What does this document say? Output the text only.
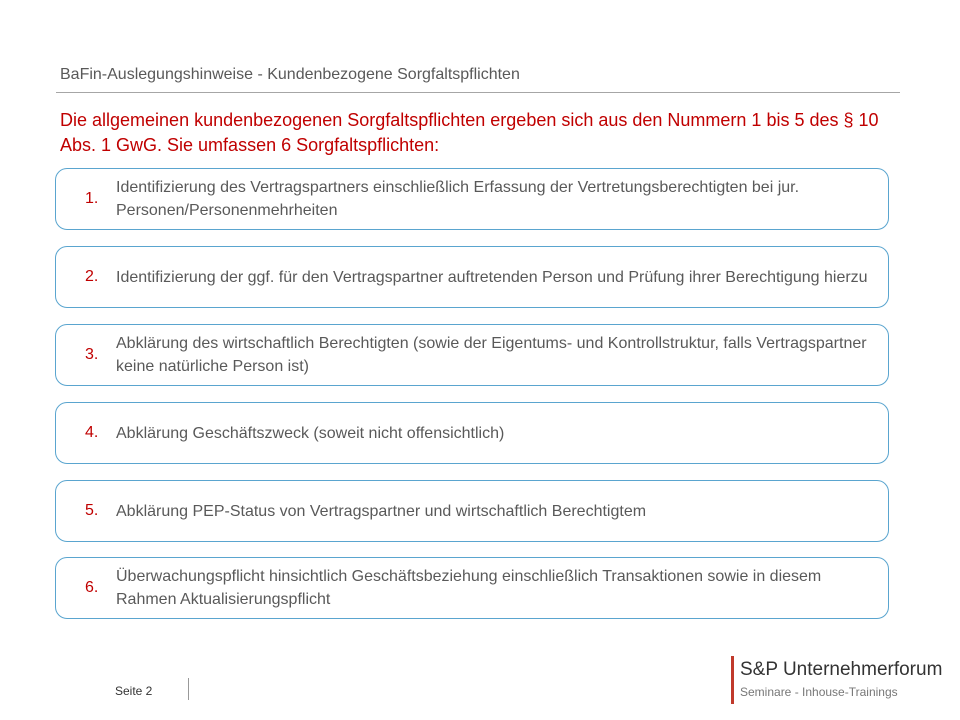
BaFin-Auslegungshinweise - Kundenbezogene Sorgfaltspflichten
Die allgemeinen kundenbezogenen Sorgfaltspflichten ergeben sich aus den Nummern 1 bis 5 des § 10 Abs. 1 GwG. Sie umfassen 6 Sorgfaltspflichten:
1.
Identifizierung des Vertragspartners einschließlich Erfassung der Vertretungsberechtigten bei jur. Personen/Personenmehrheiten
2.	Identifizierung der ggf. für den Vertragspartner auftretenden Person und Prüfung ihrer Berechtigung hierzu
3.
Abklärung des wirtschaftlich Berechtigten (sowie der Eigentums- und Kontrollstruktur, falls Vertragspartner keine natürliche Person ist)
4.	Abklärung Geschäftszweck (soweit nicht offensichtlich)
5.	Abklärung PEP-Status von Vertragspartner und wirtschaftlich Berechtigtem
6.
Überwachungspflicht hinsichtlich Geschäftsbeziehung einschließlich Transaktionen sowie in diesem Rahmen Aktualisierungspflicht
Seite 2
S&P Unternehmerforum
Seminare - Inhouse-Trainings
